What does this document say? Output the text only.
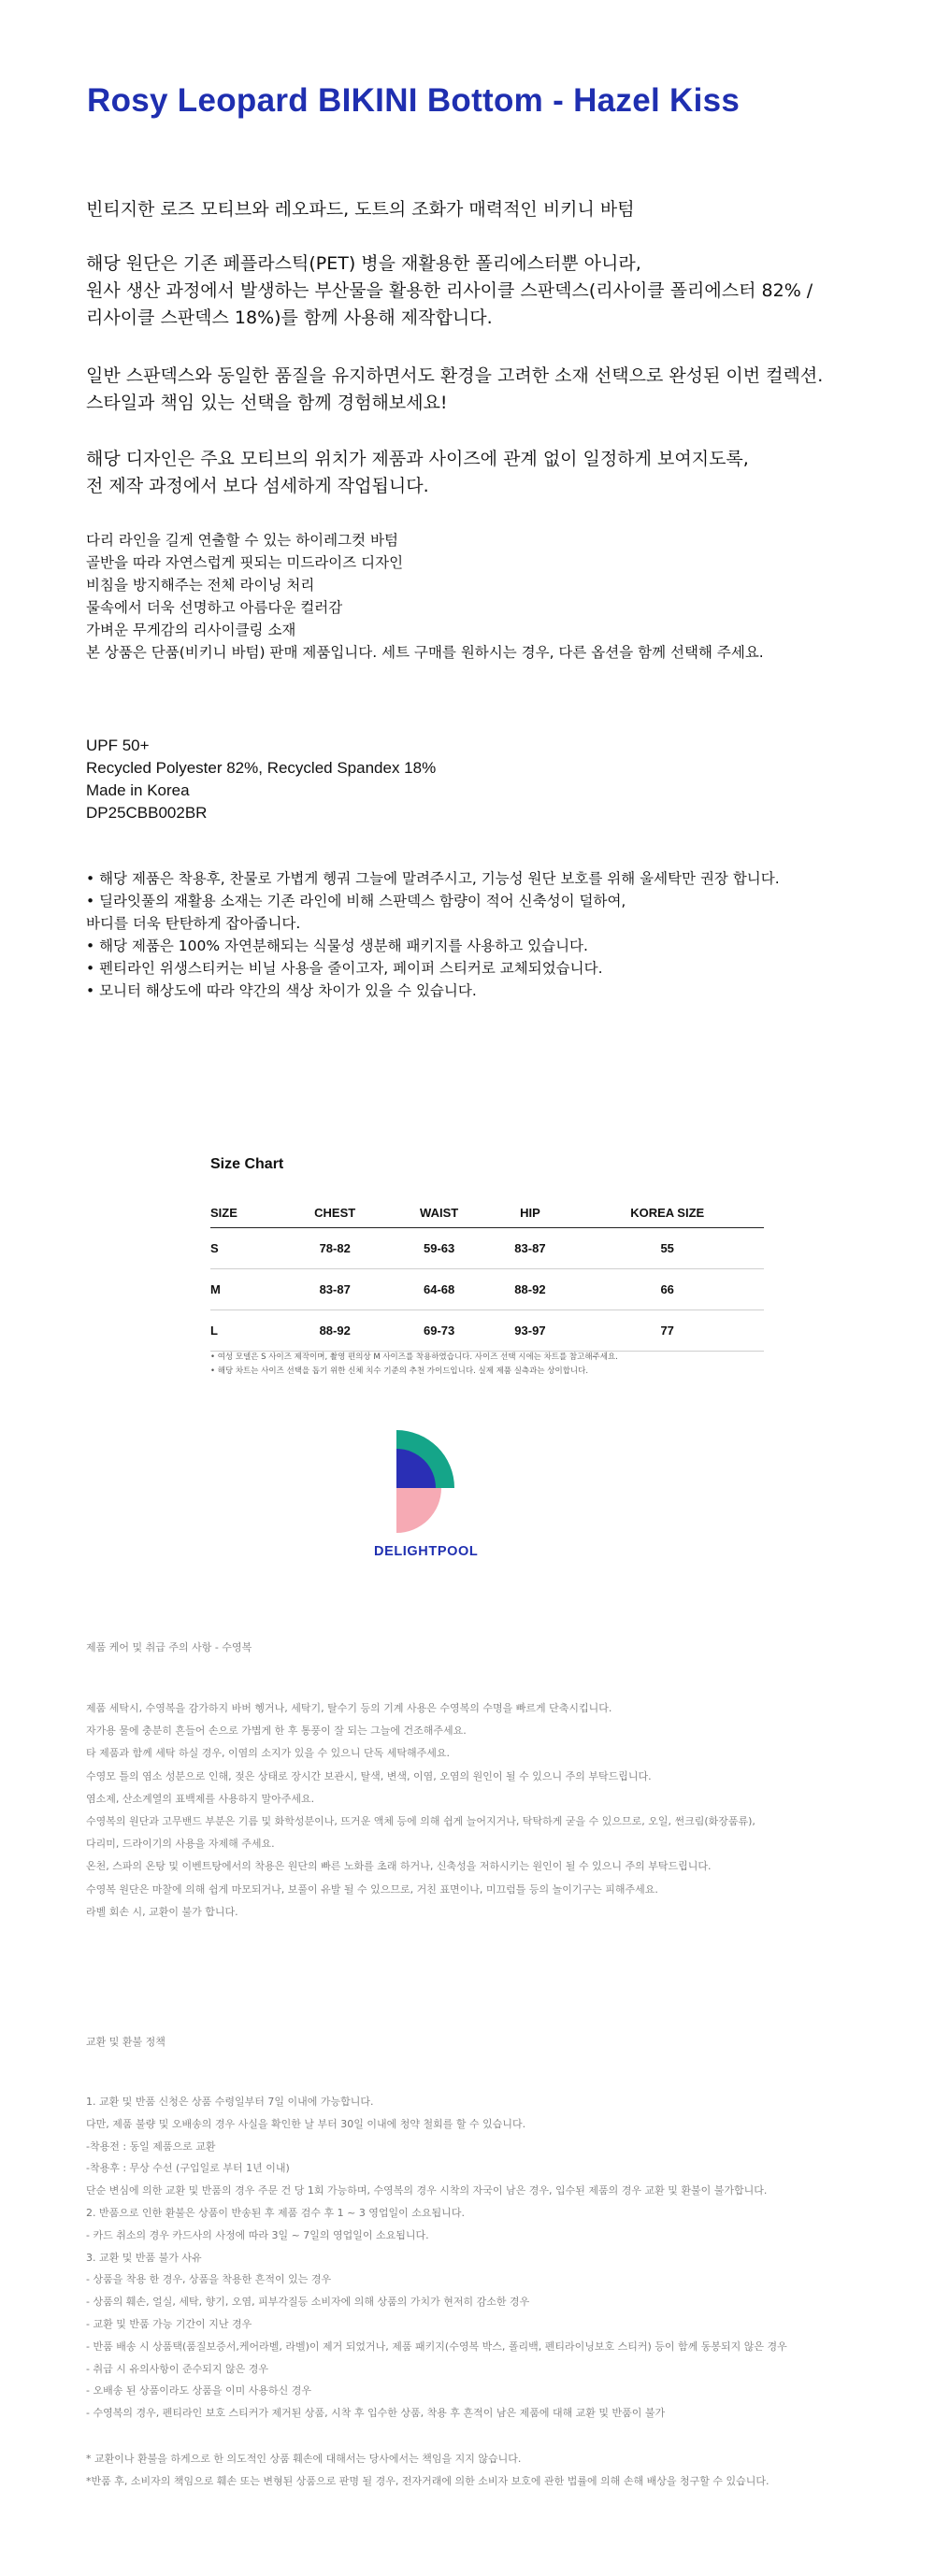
Rosy Leopard BIKINI Bottom - Hazel Kiss
빈티지한 로즈 모티브와 레오파드, 도트의 조화가 매력적인 비키니 바텀
해당 원단은 기존 페플라스틱(PET) 병을 재활용한 폴리에스터뿐 아니라,
원사 생산 과정에서 발생하는 부산물을 활용한 리사이클 스판덱스(리사이클 폴리에스터 82% /
리사이클 스판덱스 18%)를 함께 사용해 제작합니다.
일반 스판덱스와 동일한 품질을 유지하면서도 환경을 고려한 소재 선택으로 완성된 이번 컬렉션.
스타일과 책임 있는 선택을 함께 경험해보세요!
해당 디자인은 주요 모티브의 위치가 제품과 사이즈에 관계 없이 일정하게 보여지도록,
전 제작 과정에서 보다 섬세하게 작업됩니다.
다리 라인을 길게 연출할 수 있는 하이레그컷 바텀
골반을 따라 자연스럽게 핏되는 미드라이즈 디자인
비침을 방지해주는 전체 라이닝 처리
물속에서 더욱 선명하고 아름다운 컬러감
가벼운 무게감의 리사이클링 소재
본 상품은 단품(비키니 바텀) 판매 제품입니다. 세트 구매를 원하시는 경우, 다른 옵션을 함께 선택해 주세요.
UPF 50+
Recycled Polyester 82%, Recycled Spandex 18%
Made in Korea
DP25CBB002BR
• 해당 제품은 착용후, 찬물로 가볍게 헹궈 그늘에 말려주시고, 기능성 원단 보호를 위해 울세탁만 권장 합니다.
• 딜라잇풀의 재활용 소재는 기존 라인에 비해 스판덱스 함량이 적어 신축성이 덜하여,
바디를 더욱 탄탄하게 잡아줍니다.
• 해당 제품은 100% 자연분해되는 식물성 생분해 패키지를 사용하고 있습니다.
• 펜티라인 위생스티커는 비닐 사용을 줄이고자, 페이퍼 스티커로 교체되었습니다.
• 모니터 해상도에 따라 약간의 색상 차이가 있을 수 있습니다.
Size Chart
SIZE	CHEST	WAIST	HIP	KOREA SIZE
S	78-82	59-63	83-87	55
M	83-87	64-68	88-92	66
L	88-92	69-73	93-97	77
• 여성 모델은 S 사이즈 제작이며, 촬영 편의상 M 사이즈를 착용하였습니다. 사이즈 선택 시에는 차트를 참고해주세요.
• 해당 차트는 사이즈 선택을 돕기 위한 신체 치수 기준의 추천 가이드입니다. 실제 제품 실측과는 상이합니다.
DELIGHTPOOL
제품 케어 및 취급 주의 사항 - 수영복
제품 세탁시, 수영복을 감가하지 바버 헹거나, 세탁기, 탈수기 등의 기계 사용은 수영복의 수명을 빠르게 단축시킵니다.
자가용 물에 충분히 흔들어 손으로 가볍게 한 후 통풍이 잘 되는 그늘에 건조해주세요.
타 제품과 함께 세탁 하실 경우, 이염의 소지가 있을 수 있으니 단독 세탁해주세요.
수영모 틀의 염소 성분으로 인해, 젖은 상태로 장시간 보관시, 탈색, 변색, 이염, 오염의 원인이 될 수 있으니 주의 부탁드립니다.
염소제, 산소계열의 표백제를 사용하지 말아주세요.
수영복의 원단과 고무밴드 부분은 기름 및 화학성분이나, 뜨거운 액체 등에 의해 쉽게 늘어지거나, 탁탁하게 굳을 수 있으므로, 오일, 썬크림(화장품류),
다리미, 드라이기의 사용을 자제해 주세요.
온천, 스파의 온탕 및 이벤트탕에서의 착용은 원단의 빠른 노화를 초래 하거나, 신축성을 저하시키는 원인이 될 수 있으니 주의 부탁드립니다.
수영복 원단은 마찰에 의해 쉽게 마모되거나, 보풀이 유발 될 수 있으므로, 거친 표면이나, 미끄럼틀 등의 놀이기구는 피해주세요.
라벨 회손 시, 교환이 불가 합니다.
교환 및 환불 정책
1. 교환 및 반품 신청은 상품 수령일부터 7일 이내에 가능합니다.
다만, 제품 불량 및 오배송의 경우 사실을 확인한 날 부터 30일 이내에 청약 철회를 할 수 있습니다.
-착용전 : 동일 제품으로 교환
-착용후 : 무상 수선 (구입일로 부터 1년 이내)
단순 변심에 의한 교환 및 반품의 경우 주문 건 당 1회 가능하며, 수영복의 경우 시착의 자국이 남은 경우, 입수된 제품의 경우 교환 및 환불이 불가합니다.
2. 반품으로 인한 환불은 상품이 반송된 후 제품 검수 후 1 ~ 3 영업일이 소요됩니다.
- 카드 취소의 경우 카드사의 사정에 따라 3일 ~ 7일의 영업일이 소요됩니다.
3. 교환 및 반품 불가 사유
- 상품을 착용 한 경우, 상품을 착용한 흔적이 있는 경우
- 상품의 훼손, 얼실, 세탁, 향기, 오염, 피부각질등 소비자에 의해 상품의 가치가 현저히 감소한 경우
- 교환 및 반품 가능 기간이 지난 경우
- 반품 배송 시 상품택(품질보증서,케어라벨, 라벨)이 제거 되었거나, 제품 패키지(수영복 박스, 폴리백, 펜티라이닝보호 스티커) 등이 함께 동봉되지 않은 경우
- 취급 시 유의사항이 준수되지 않은 경우
- 오배송 된 상품이라도 상품을 이미 사용하신 경우
- 수영복의 경우, 펜티라인 보호 스티커가 제거된 상품, 시착 후 입수한 상품, 착용 후 흔적이 남은 제품에 대해 교환 및 반품이 불가
* 교환이나 환불을 하게으로 한 의도적인 상품 훼손에 대해서는 당사에서는 책임을 지지 않습니다.
*반품 후, 소비자의 책임으로 훼손 또는 변형된 상품으로 판명 될 경우, 전자거래에 의한 소비자 보호에 관한 법률에 의해 손해 배상을 청구할 수 있습니다.
